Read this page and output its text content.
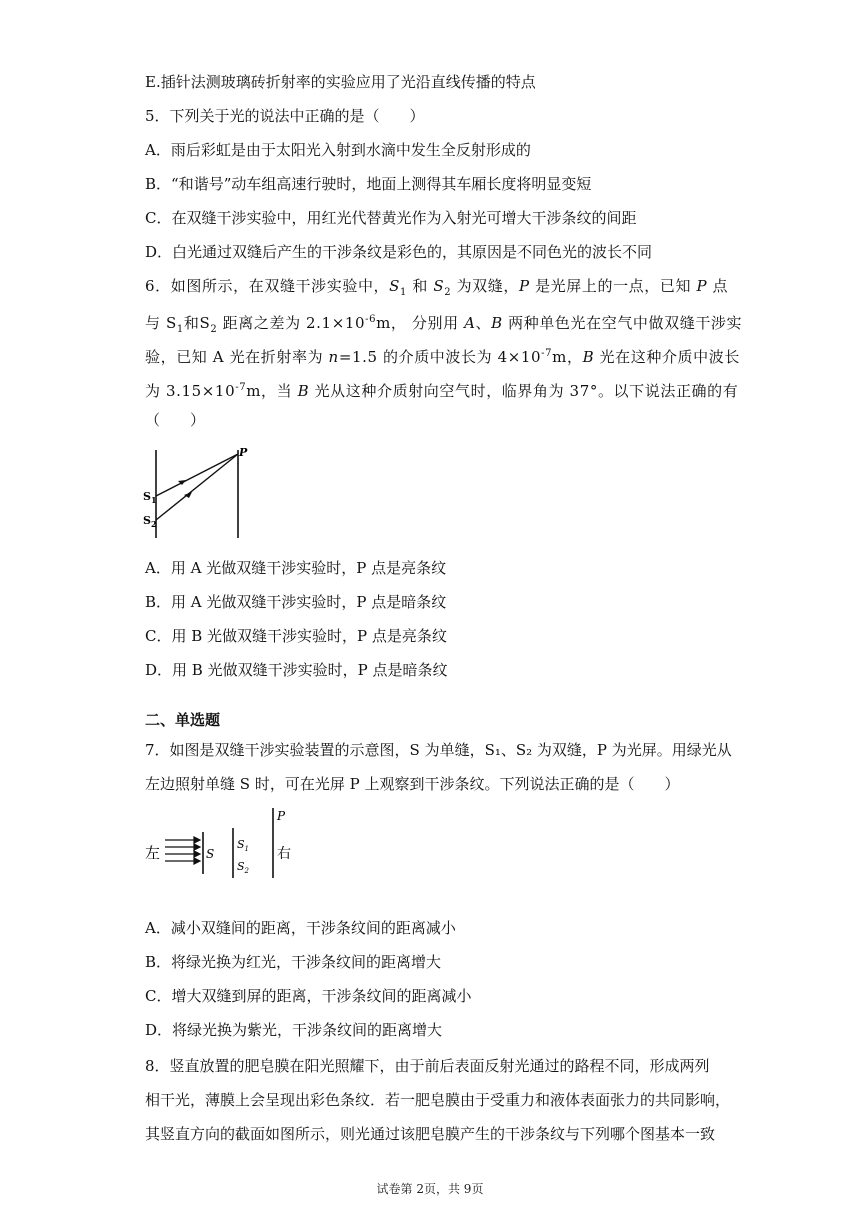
E.插针法测玻璃砖折射率的实验应用了光沿直线传播的特点
5．下列关于光的说法中正确的是（　　）
A．雨后彩虹是由于太阳光入射到水滴中发生全反射形成的
B．“和谐号”动车组高速行驶时，地面上测得其车厢长度将明显变短
C．在双缝干涉实验中，用红光代替黄光作为入射光可增大干涉条纹的间距
D．白光通过双缝后产生的干涉条纹是彩色的，其原因是不同色光的波长不同
6．如图所示，在双缝干涉实验中，$S_1$ 和 $S_2$ 为双缝，P 是光屏上的一点，已知 P 点
与 $S_1$和$S_2$ 距离之差为 $2.1\times 10^{-6}m$， 分别用 A、B 两种单色光在空气中做双缝干涉实
验，已知 A 光在折射率为 n=1.5 的介质中波长为 $4\times 10^{-7}m$，B 光在这种介质中波长
为 $3.15\times 10^{-7}m$，当 B 光从这种介质射向空气时，临界角为 37°。以下说法正确的有
（　　）
P
$S_1$
$S_2$
A．用 A 光做双缝干涉实验时，P 点是亮条纹
B．用 A 光做双缝干涉实验时，P 点是暗条纹
C．用 B 光做双缝干涉实验时，P 点是亮条纹
D．用 B 光做双缝干涉实验时，P 点是暗条纹
二、单选题
7．如图是双缝干涉实验装置的示意图，S 为单缝，S₁、S₂ 为双缝，P 为光屏。用绿光从
左边照射单缝 S 时，可在光屏 P 上观察到干涉条纹。下列说法正确的是（　　）
左	S
$S_1$
$S_2$
P
右
A．减小双缝间的距离，干涉条纹间的距离减小
B．将绿光换为红光，干涉条纹间的距离增大
C．增大双缝到屏的距离，干涉条纹间的距离减小
D．将绿光换为紫光，干涉条纹间的距离增大
8．竖直放置的肥皂膜在阳光照耀下，由于前后表面反射光通过的路程不同，形成两列
相干光，薄膜上会呈现出彩色条纹．若一肥皂膜由于受重力和液体表面张力的共同影响，
其竖直方向的截面如图所示，则光通过该肥皂膜产生的干涉条纹与下列哪个图基本一致
试卷第 2页，共 9页
